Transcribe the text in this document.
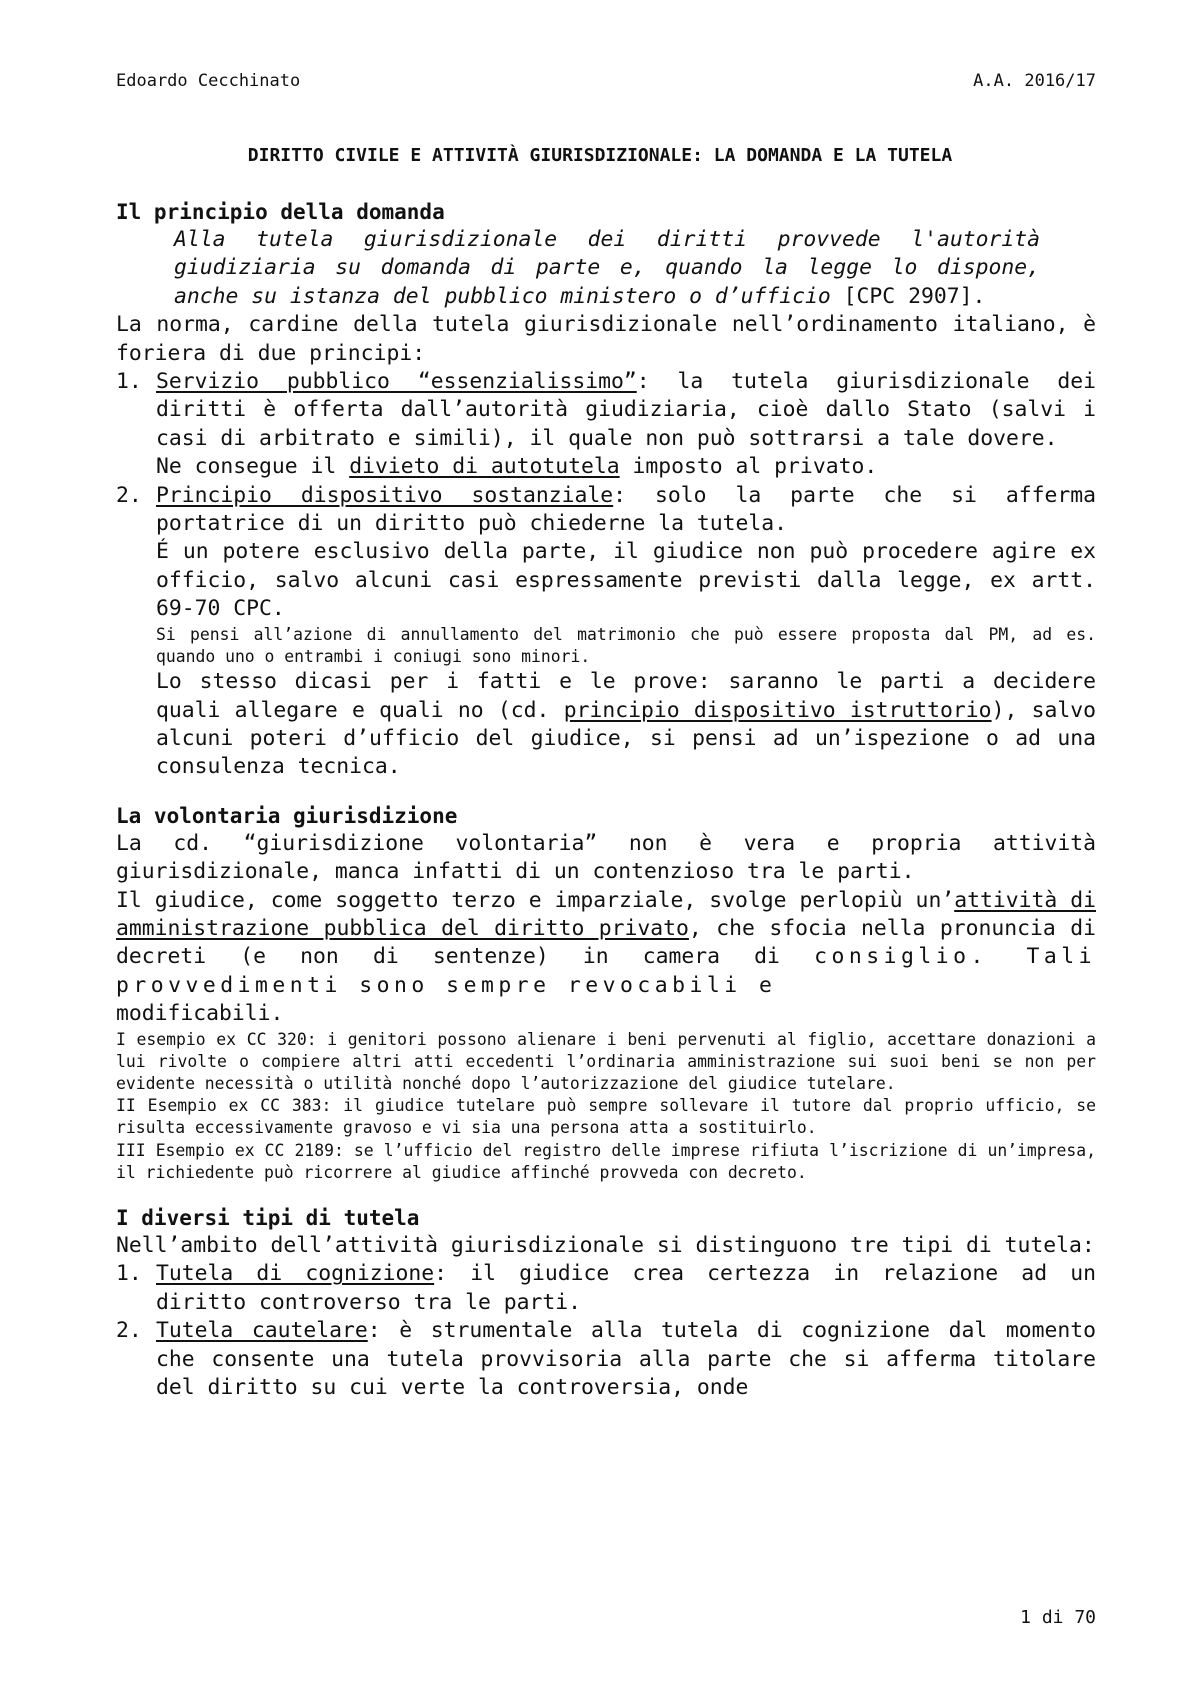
Edoardo Cecchinato	A.A. 2016/17
DIRITTO CIVILE E ATTIVITÀ GIURISDIZIONALE: LA DOMANDA E LA TUTELA
Il principio della domanda

Alla tutela giurisdizionale dei diritti provvede l'autorità giudiziaria su domanda di parte e, quando la legge lo dispone, anche su istanza del pubblico ministero o d’ufficio [CPC 2907].

La norma, cardine della tutela giurisdizionale nell’ordinamento italiano, è foriera di due principi:

1. Servizio pubblico “essenzialissimo”: la tutela giurisdizionale dei diritti è offerta dall’autorità giudiziaria, cioè dallo Stato (salvi i casi di arbitrato e simili), il quale non può sottrarsi a tale dovere.

Ne consegue il divieto di autotutela imposto al privato.

2. Principio dispositivo sostanziale: solo la parte che si afferma portatrice di un diritto può chiederne la tutela.

É un potere esclusivo della parte, il giudice non può procedere agire ex officio, salvo alcuni casi espressamente previsti dalla legge, ex artt. 69-70 CPC.

Si pensi all’azione di annullamento del matrimonio che può essere proposta dal PM, ad es. quando uno o entrambi i coniugi sono minori.

Lo stesso dicasi per i fatti e le prove: saranno le parti a decidere quali allegare e quali no (cd. principio dispositivo istruttorio), salvo alcuni poteri d’ufficio del giudice, si pensi ad un’ispezione o ad una consulenza tecnica.

La volontaria giurisdizione

La cd. “giurisdizione volontaria” non è vera e propria attività giurisdizionale, manca infatti di un contenzioso tra le parti.

Il giudice, come soggetto terzo e imparziale, svolge perlopiù un’attività di amministrazione pubblica del diritto privato, che sfocia nella pronuncia di decreti (e non di sentenze) in camera di consiglio. Tali provvedimenti sono sempre revocabili e

modificabili.

I esempio ex CC 320: i genitori possono alienare i beni pervenuti al figlio, accettare donazioni a lui rivolte o compiere altri atti eccedenti l’ordinaria amministrazione sui suoi beni se non per evidente necessità o utilità nonché dopo l’autorizzazione del giudice tutelare.

II Esempio ex CC 383: il giudice tutelare può sempre sollevare il tutore dal proprio ufficio, se risulta eccessivamente gravoso e vi sia una persona atta a sostituirlo.

III Esempio ex CC 2189: se l’ufficio del registro delle imprese rifiuta l’iscrizione di un’impresa, il richiedente può ricorrere al giudice affinché provveda con decreto.

I diversi tipi di tutela

Nell’ambito dell’attività giurisdizionale si distinguono tre tipi di tutela:

1. Tutela di cognizione: il giudice crea certezza in relazione ad un diritto controverso tra le parti.

2. Tutela cautelare: è strumentale alla tutela di cognizione dal momento che consente una tutela provvisoria alla parte che si afferma titolare del diritto su cui verte la controversia, onde

1 di 70
